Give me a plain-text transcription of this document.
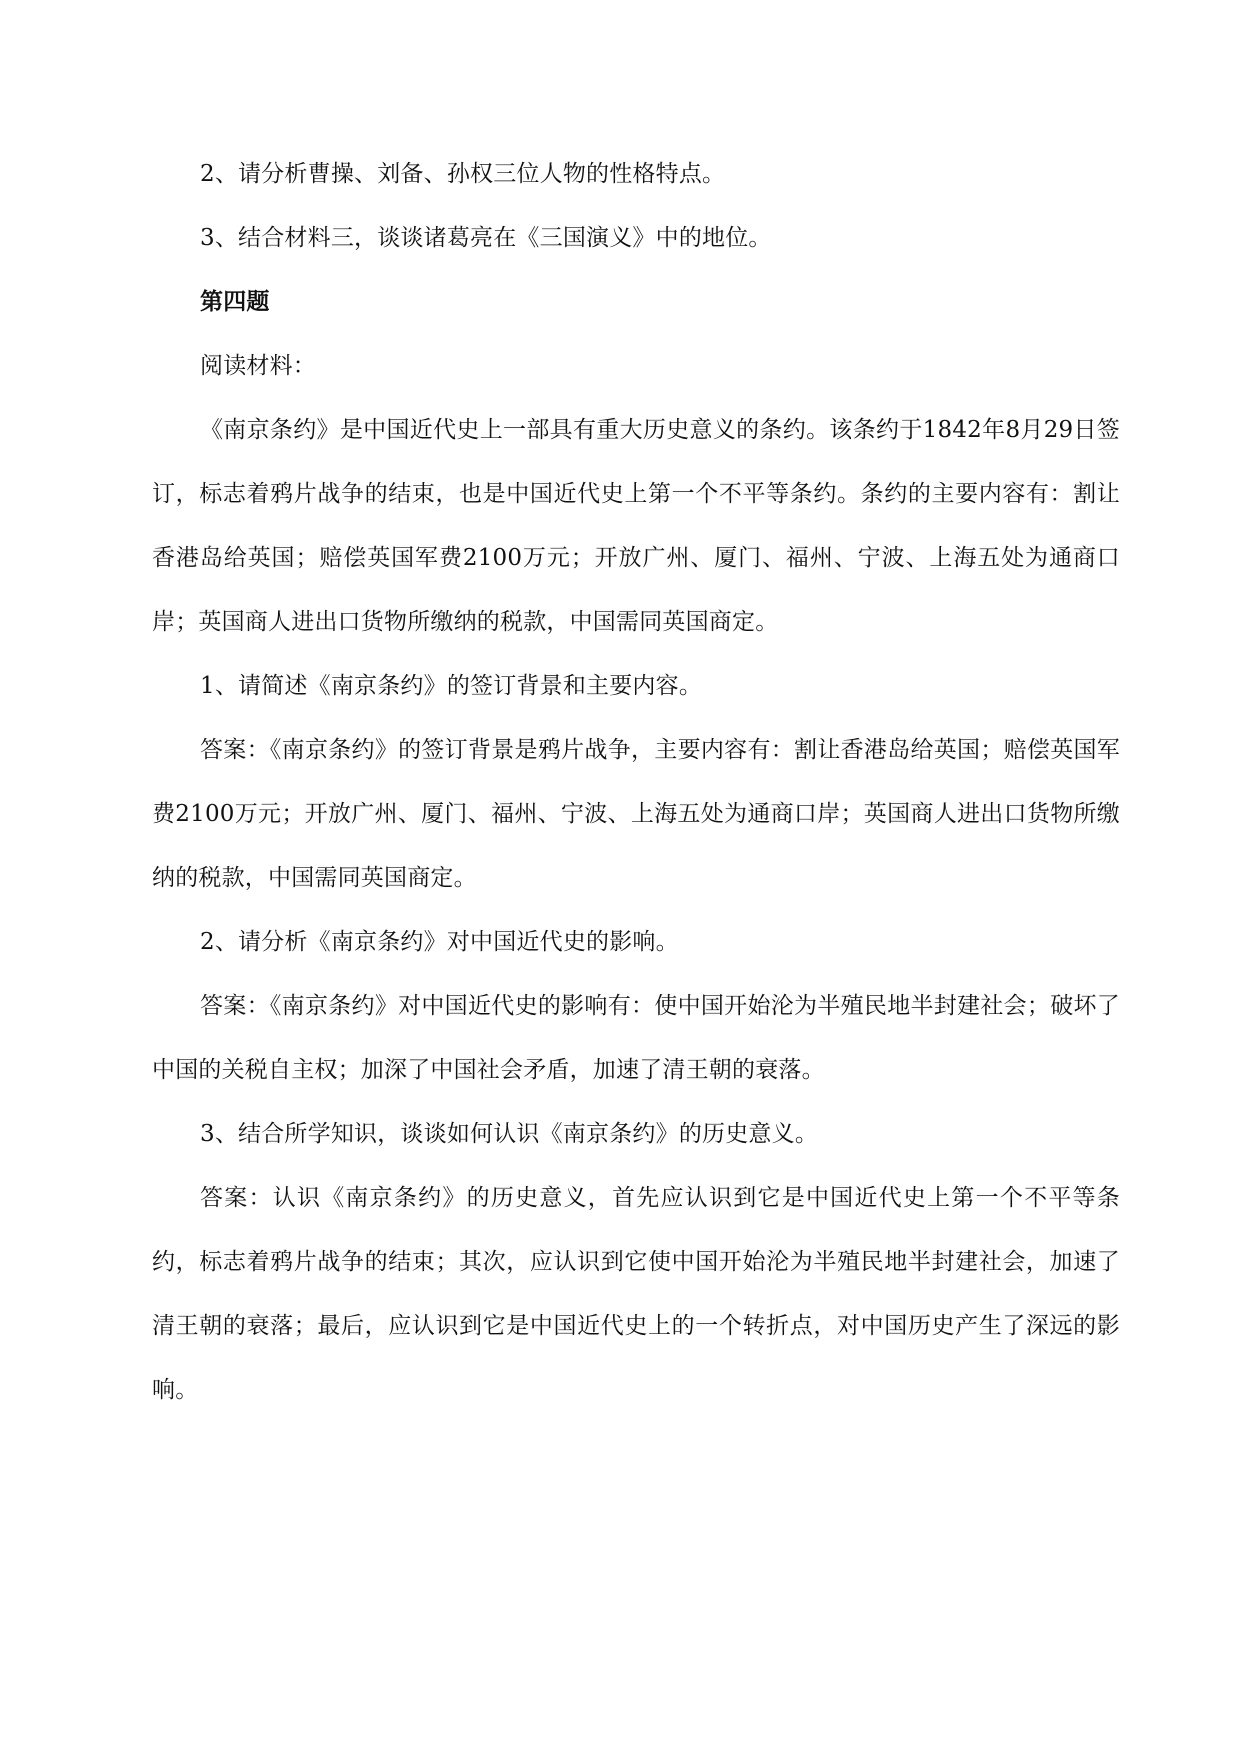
2、请分析曹操、刘备、孙权三位人物的性格特点。

3、结合材料三，谈谈诸葛亮在《三国演义》中的地位。

第四题

阅读材料：

《南京条约》是中国近代史上一部具有重大历史意义的条约。该条约于1842年8月29日签订，标志着鸦片战争的结束，也是中国近代史上第一个不平等条约。条约的主要内容有：割让香港岛给英国；赔偿英国军费2100万元；开放广州、厦门、福州、宁波、上海五处为通商口岸；英国商人进出口货物所缴纳的税款，中国需同英国商定。

1、请简述《南京条约》的签订背景和主要内容。

答案：《南京条约》的签订背景是鸦片战争，主要内容有：割让香港岛给英国；赔偿英国军费2100万元；开放广州、厦门、福州、宁波、上海五处为通商口岸；英国商人进出口货物所缴纳的税款，中国需同英国商定。

2、请分析《南京条约》对中国近代史的影响。

答案：《南京条约》对中国近代史的影响有：使中国开始沦为半殖民地半封建社会；破坏了中国的关税自主权；加深了中国社会矛盾，加速了清王朝的衰落。

3、结合所学知识，谈谈如何认识《南京条约》的历史意义。

答案：认识《南京条约》的历史意义，首先应认识到它是中国近代史上第一个不平等条约，标志着鸦片战争的结束；其次，应认识到它使中国开始沦为半殖民地半封建社会，加速了清王朝的衰落；最后，应认识到它是中国近代史上的一个转折点，对中国历史产生了深远的影响。
